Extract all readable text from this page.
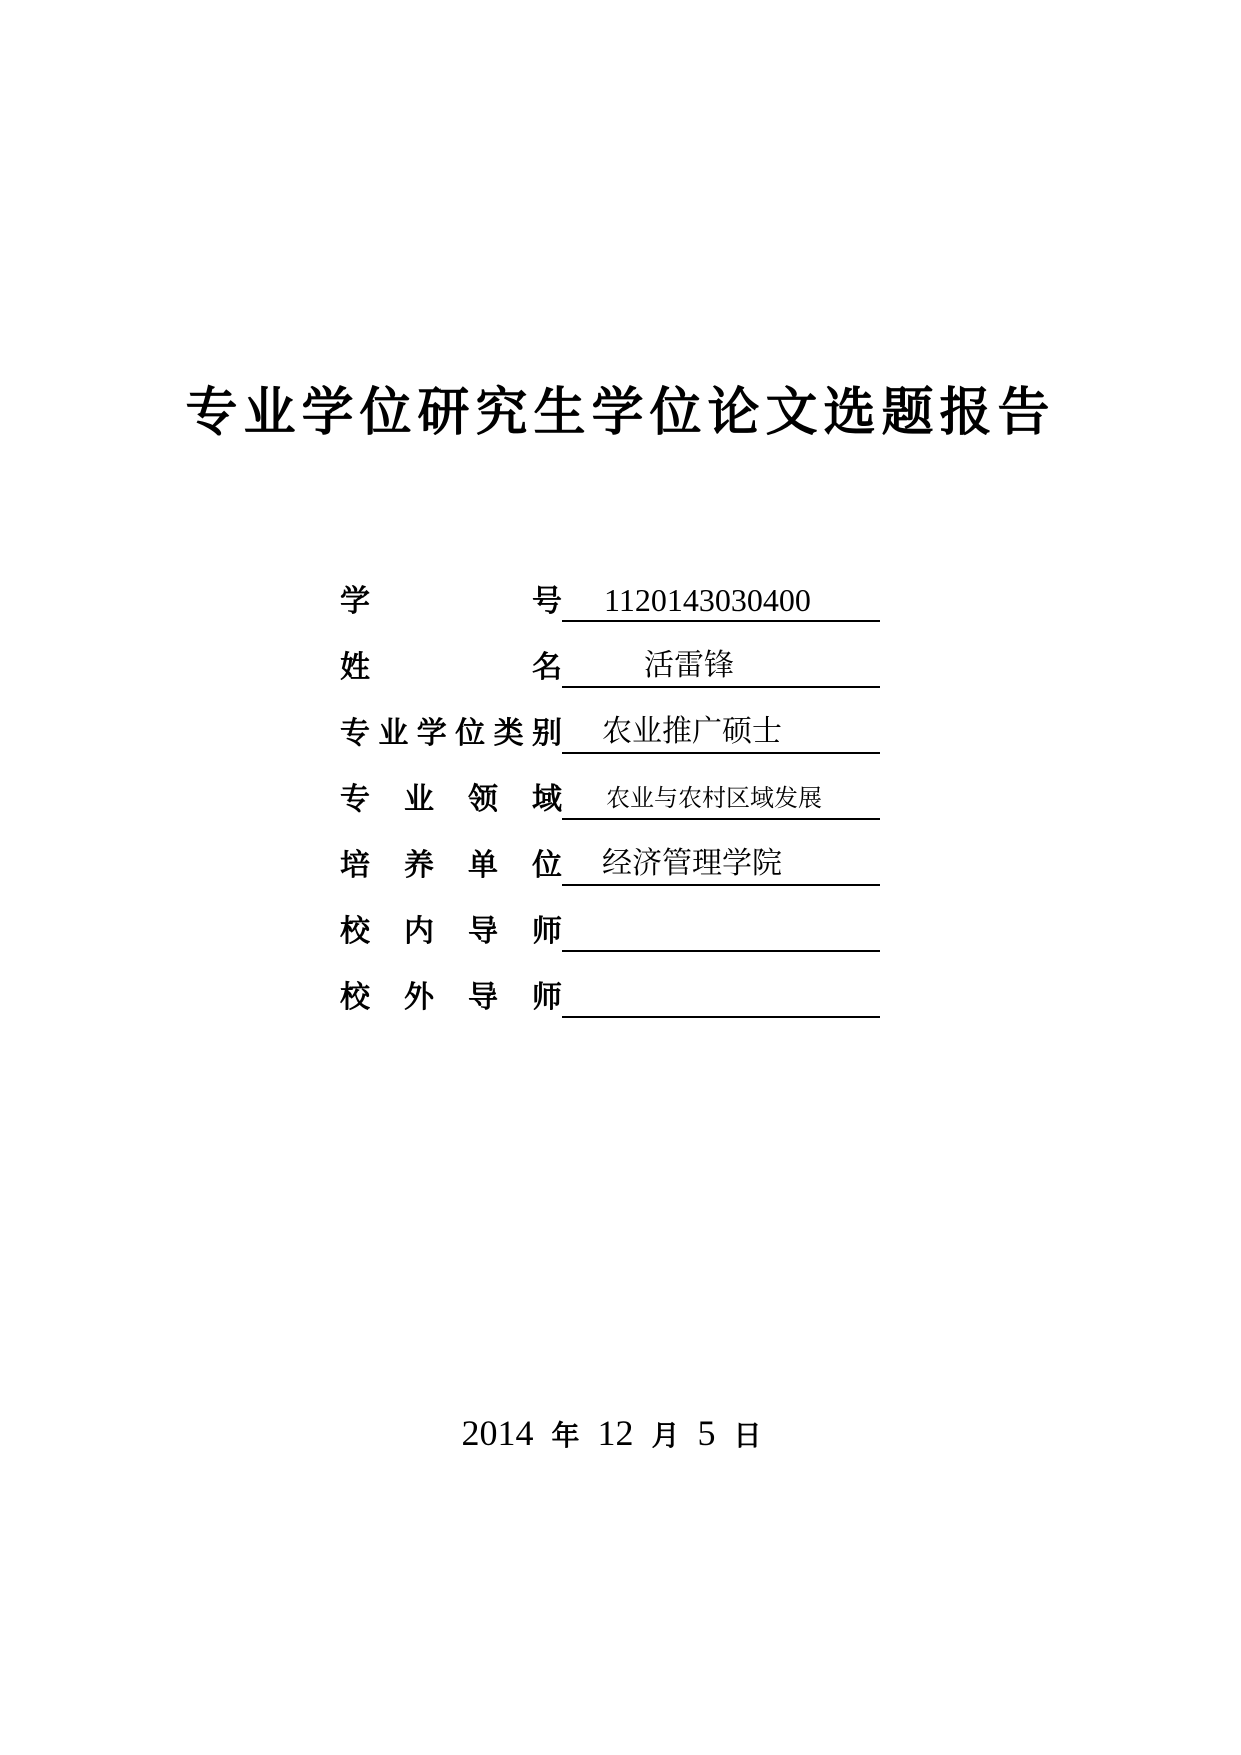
专业学位研究生学位论文选题报告
学	号	1120143030400
姓	名	活雷锋
专 业 学 位 类 别	农业推广硕士
专 业 领 域	农业与农村区域发展
培 养 单 位	经济管理学院
校 内 导 师
校 外 导 师
2014 年 12 月 5 日
